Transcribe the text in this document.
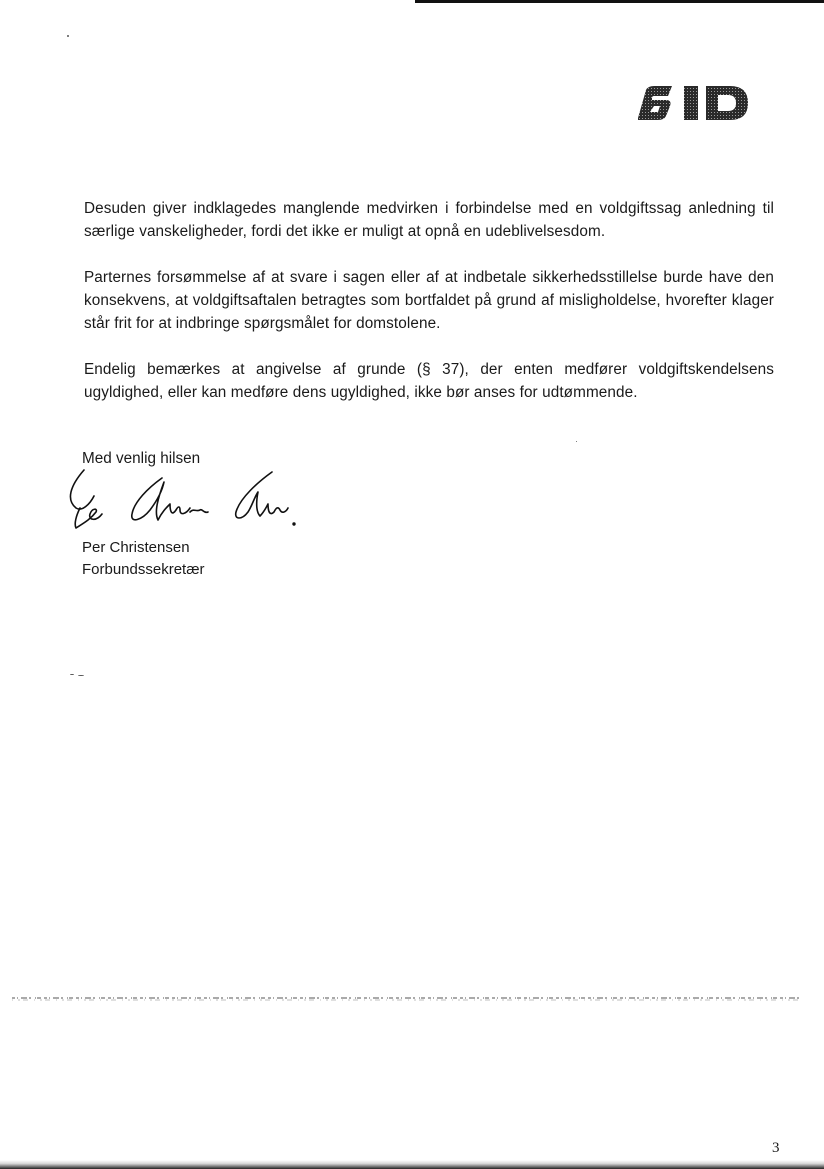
Desuden giver indklagedes manglende medvirken i forbindelse med en voldgiftssag anledning til særlige vanskeligheder, fordi det ikke er muligt at opnå en udeblivelsesdom.

Parternes forsømmelse af at svare i sagen eller af at indbetale sikkerhedsstillelse burde have den konsekvens, at voldgiftsaftalen betragtes som bortfaldet på grund af misligholdelse, hvorefter klager står frit for at indbringe spørgsmålet for domstolene.

Endelig bemærkes at angivelse af grunde (§ 37), der enten medfører voldgiftskendelsens ugyldighed, eller kan medføre dens ugyldighed, ikke bør anses for udtømmende.

Med venlig hilsen
Per Christensen
Forbundssekretær
3
